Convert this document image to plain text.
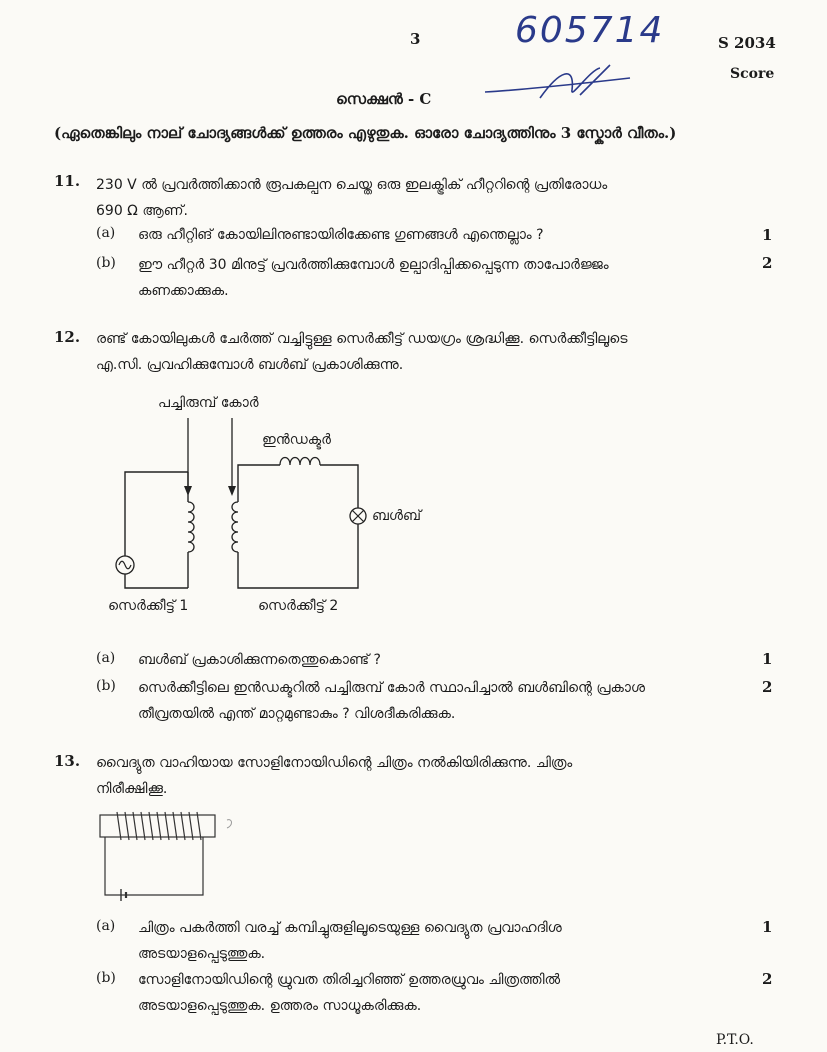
3	605714	S 2034
Score
സെക്ഷൻ - C
(ഏതെങ്കിലും നാല് ചോദ്യങ്ങൾക്ക് ഉത്തരം എഴുതുക. ഓരോ ചോദ്യത്തിനും 3 സ്കോർ വീതം.)
11. 230 V ൽ പ്രവർത്തിക്കാൻ രൂപകല്പന ചെയ്ത ഒരു ഇലക്ട്രിക് ഹീറ്ററിന്റെ പ്രതിരോധം
690 Ω ആണ്.
(a) ഒരു ഹീറ്റിങ് കോയിലിനുണ്ടായിരിക്കേണ്ട ഗുണങ്ങൾ എന്തെല്ലാം ?	1
(b) ഈ ഹീറ്റർ 30 മിനുട്ട് പ്രവർത്തിക്കുമ്പോൾ ഉല്പാദിപ്പിക്കപ്പെടുന്ന താപോർജ്ജം
കണക്കാക്കുക.
2
12. രണ്ട് കോയിലുകൾ ചേർത്ത് വച്ചിട്ടുള്ള സെർക്കീട്ട് ഡയഗ്രം ശ്രദ്ധിക്കൂ. സെർക്കീട്ടിലൂടെ
എ.സി. പ്രവഹിക്കുമ്പോൾ ബൾബ് പ്രകാശിക്കുന്നു.
പച്ചിരുമ്പ് കോർ
ഇൻഡക്ടർ
ബൾബ്
സെർക്കീട്ട് 1	സെർക്കീട്ട് 2
(a) ബൾബ് പ്രകാശിക്കുന്നതെന്തുകൊണ്ട് ?	1
(b) സെർക്കീട്ടിലെ ഇൻഡക്ടറിൽ പച്ചിരുമ്പ് കോർ സ്ഥാപിച്ചാൽ ബൾബിന്റെ പ്രകാശ
തീവ്രതയിൽ എന്ത് മാറ്റമുണ്ടാകും ? വിശദീകരിക്കുക.
2
13. വൈദ്യുത വാഹിയായ സോളിനോയിഡിന്റെ ചിത്രം നൽകിയിരിക്കുന്നു. ചിത്രം
നിരീക്ഷിക്കൂ.
(a) ചിത്രം പകർത്തി വരച്ച് കമ്പിച്ചുരുളിലൂടെയുള്ള വൈദ്യുത പ്രവാഹദിശ
അടയാളപ്പെടുത്തുക.
1
(b) സോളിനോയിഡിന്റെ ധ്രുവത തിരിച്ചറിഞ്ഞ് ഉത്തരധ്രുവം ചിത്രത്തിൽ
അടയാളപ്പെടുത്തുക. ഉത്തരം സാധൂകരിക്കുക.
2
P.T.O.
